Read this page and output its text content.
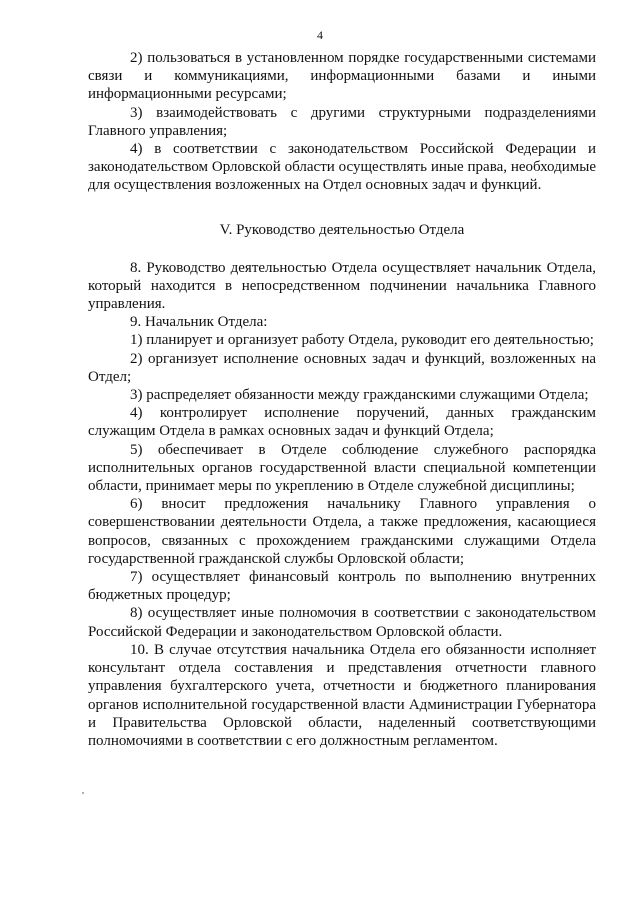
4

2) пользоваться в установленном порядке государственными системами связи и коммуникациями, информационными базами и иными информационными ресурсами;

3) взаимодействовать с другими структурными подразделениями Главного управления;

4) в соответствии с законодательством Российской Федерации и законодательством Орловской области осуществлять иные права, необходимые для осуществления возложенных на Отдел основных задач и функций.

V. Руководство деятельностью Отдела

8. Руководство деятельностью Отдела осуществляет начальник Отдела, который находится в непосредственном подчинении начальника Главного управления.

9. Начальник Отдела:

1) планирует и организует работу Отдела, руководит его деятельностью;

2) организует исполнение основных задач и функций, возложенных на Отдел;

3) распределяет обязанности между гражданскими служащими Отдела;

4) контролирует исполнение поручений, данных гражданским служащим Отдела в рамках основных задач и функций Отдела;

5) обеспечивает в Отделе соблюдение служебного распорядка исполнительных органов государственной власти специальной компетенции области, принимает меры по укреплению в Отделе служебной дисциплины;

6) вносит предложения начальнику Главного управления о совершенствовании деятельности Отдела, а также предложения, касающиеся вопросов, связанных с прохождением гражданскими служащими Отдела государственной гражданской службы Орловской области;

7) осуществляет финансовый контроль по выполнению внутренних бюджетных процедур;

8) осуществляет иные полномочия в соответствии с законодательством Российской Федерации и законодательством Орловской области.

10. В случае отсутствия начальника Отдела его обязанности исполняет консультант отдела составления и представления отчетности главного управления бухгалтерского учета, отчетности и бюджетного планирования органов исполнительной государственной власти Администрации Губернатора и Правительства Орловской области, наделенный соответствующими полномочиями в соответствии с его должностным регламентом.
